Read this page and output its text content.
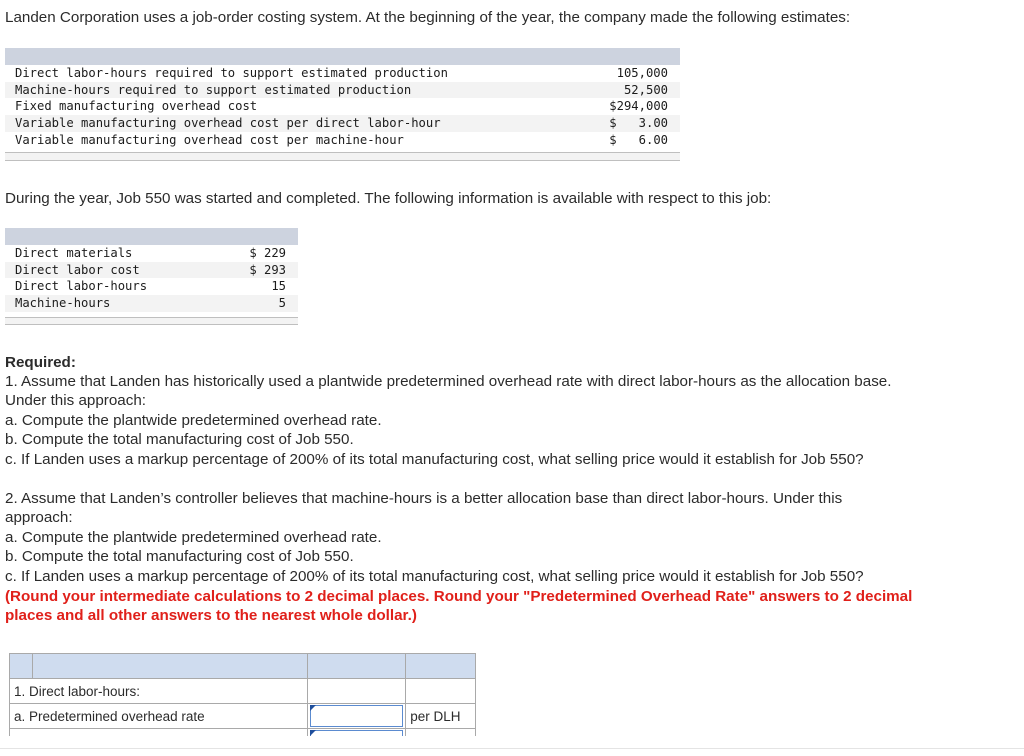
Landen Corporation uses a job-order costing system. At the beginning of the year, the company made the following estimates:
Direct labor-hours required to support estimated production	105,000
Machine-hours required to support estimated production	52,500
Fixed manufacturing overhead cost	$294,000
Variable manufacturing overhead cost per direct labor-hour	$   3.00
Variable manufacturing overhead cost per machine-hour	$   6.00
During the year, Job 550 was started and completed. The following information is available with respect to this job:
Direct materials	$ 229
Direct labor cost	$ 293
Direct labor-hours	15
Machine-hours	5
Required:
1. Assume that Landen has historically used a plantwide predetermined overhead rate with direct labor-hours as the allocation base.
Under this approach:
a. Compute the plantwide predetermined overhead rate.
b. Compute the total manufacturing cost of Job 550.
c. If Landen uses a markup percentage of 200% of its total manufacturing cost, what selling price would it establish for Job 550?
2. Assume that Landen’s controller believes that machine-hours is a better allocation base than direct labor-hours. Under this
approach:
a. Compute the plantwide predetermined overhead rate.
b. Compute the total manufacturing cost of Job 550.
c. If Landen uses a markup percentage of 200% of its total manufacturing cost, what selling price would it establish for Job 550?
(Round your intermediate calculations to 2 decimal places. Round your "Predetermined Overhead Rate" answers to 2 decimal
places and all other answers to the nearest whole dollar.)

1. Direct labor-hours:			
a. Predetermined overhead rate			per DLH
